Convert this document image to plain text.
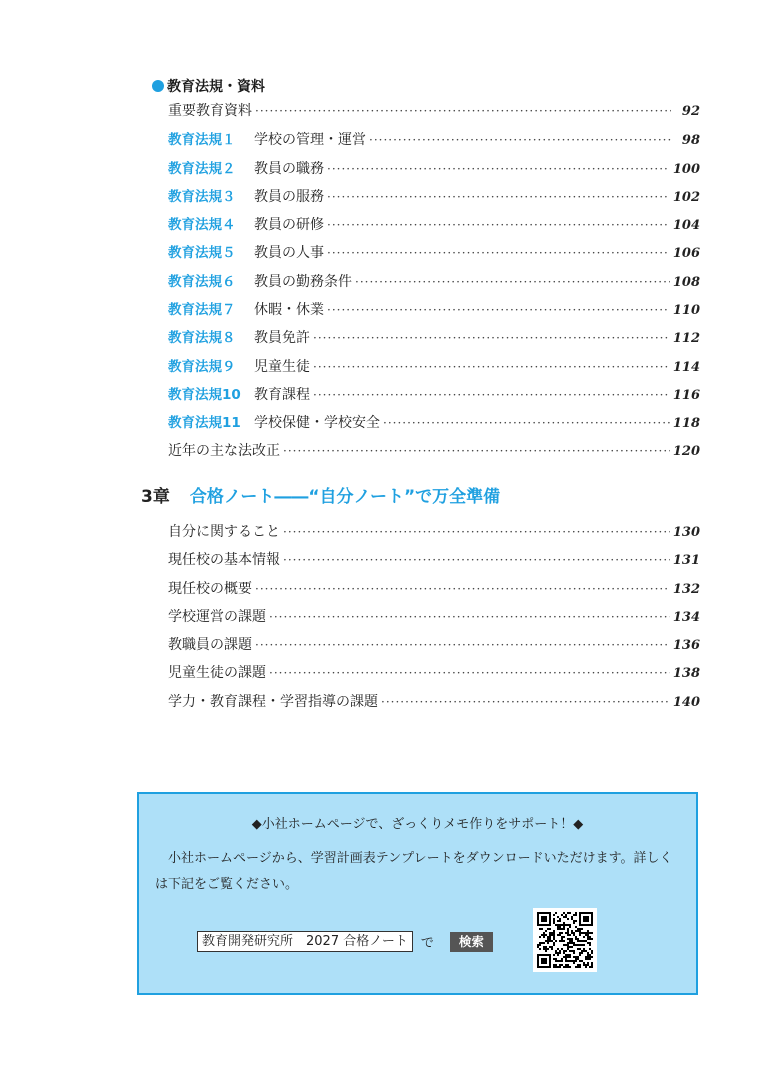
教育法規・資料
重要教育資料 ·····	92
教育法規１	学校の管理・運営 ·····	98
教育法規２	教員の職務 ·····	100
教育法規３	教員の服務 ·····	102
教育法規４	教員の研修 ·····	104
教育法規５	教員の人事 ·····	106
教育法規６	教員の勤務条件 ·····	108
教育法規７	休暇・休業 ·····	110
教育法規８	教員免許 ·····	112
教育法規９	児童生徒 ·····	114
教育法規10 教育課程 ·····	116
教育法規11 学校保健・学校安全 ·····	118
近年の主な法改正 ·····	120
3章 合格ノート――“自分ノート”で万全準備
自分に関すること ·····	130
現任校の基本情報 ·····	131
現任校の概要 ·····	132
学校運営の課題 ·····	134
教職員の課題 ·····	136
児童生徒の課題 ·····	138
学力・教育課程・学習指導の課題 ·····	140
◆小社ホームページで、ざっくりメモ作りをサポート！◆
小社ホームページから、学習計画表テンプレートをダウンロードいただけます。詳しくは下記をご覧ください。
教育開発研究所　2027 合格ノート	で	検索
